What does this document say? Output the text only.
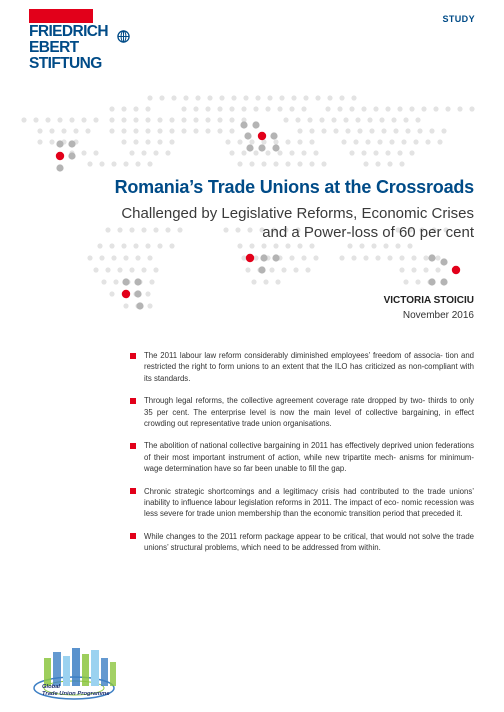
FRIEDRICH
EBERT
STIFTUNG
STUDY
Romania’s Trade Unions at the Crossroads
Challenged by Legislative Reforms, Economic Crises
and a Power-loss of 60 per cent
VICTORIA STOICIU
November 2016
The 2011 labour law reform considerably diminished employees’ freedom of associa- tion and restricted the right to form unions to an extent that the ILO has criticized as non-compliant with its standards.
Through legal reforms, the collective agreement coverage rate dropped by two- thirds to only 35 per cent. The enterprise level is now the main level of collective bargaining, in effect crowding out representative trade union organisations.
The abolition of national collective bargaining in 2011 has effectively deprived union federations of their most important instrument of action, while new tripartite mech- anisms for minimum-wage determination have so far been unable to fill the gap.
Chronic strategic shortcomings and a legitimacy crisis had contributed to the trade unions’ inability to influence labour legislation reforms in 2011. The impact of eco- nomic recession was less severe for trade union membership than the economic transition period that preceded it.
While changes to the 2011 reform package appear to be critical, that would not solve the trade unions’ structural problems, which need to be addressed from within.
Global
Trade Union Programme
